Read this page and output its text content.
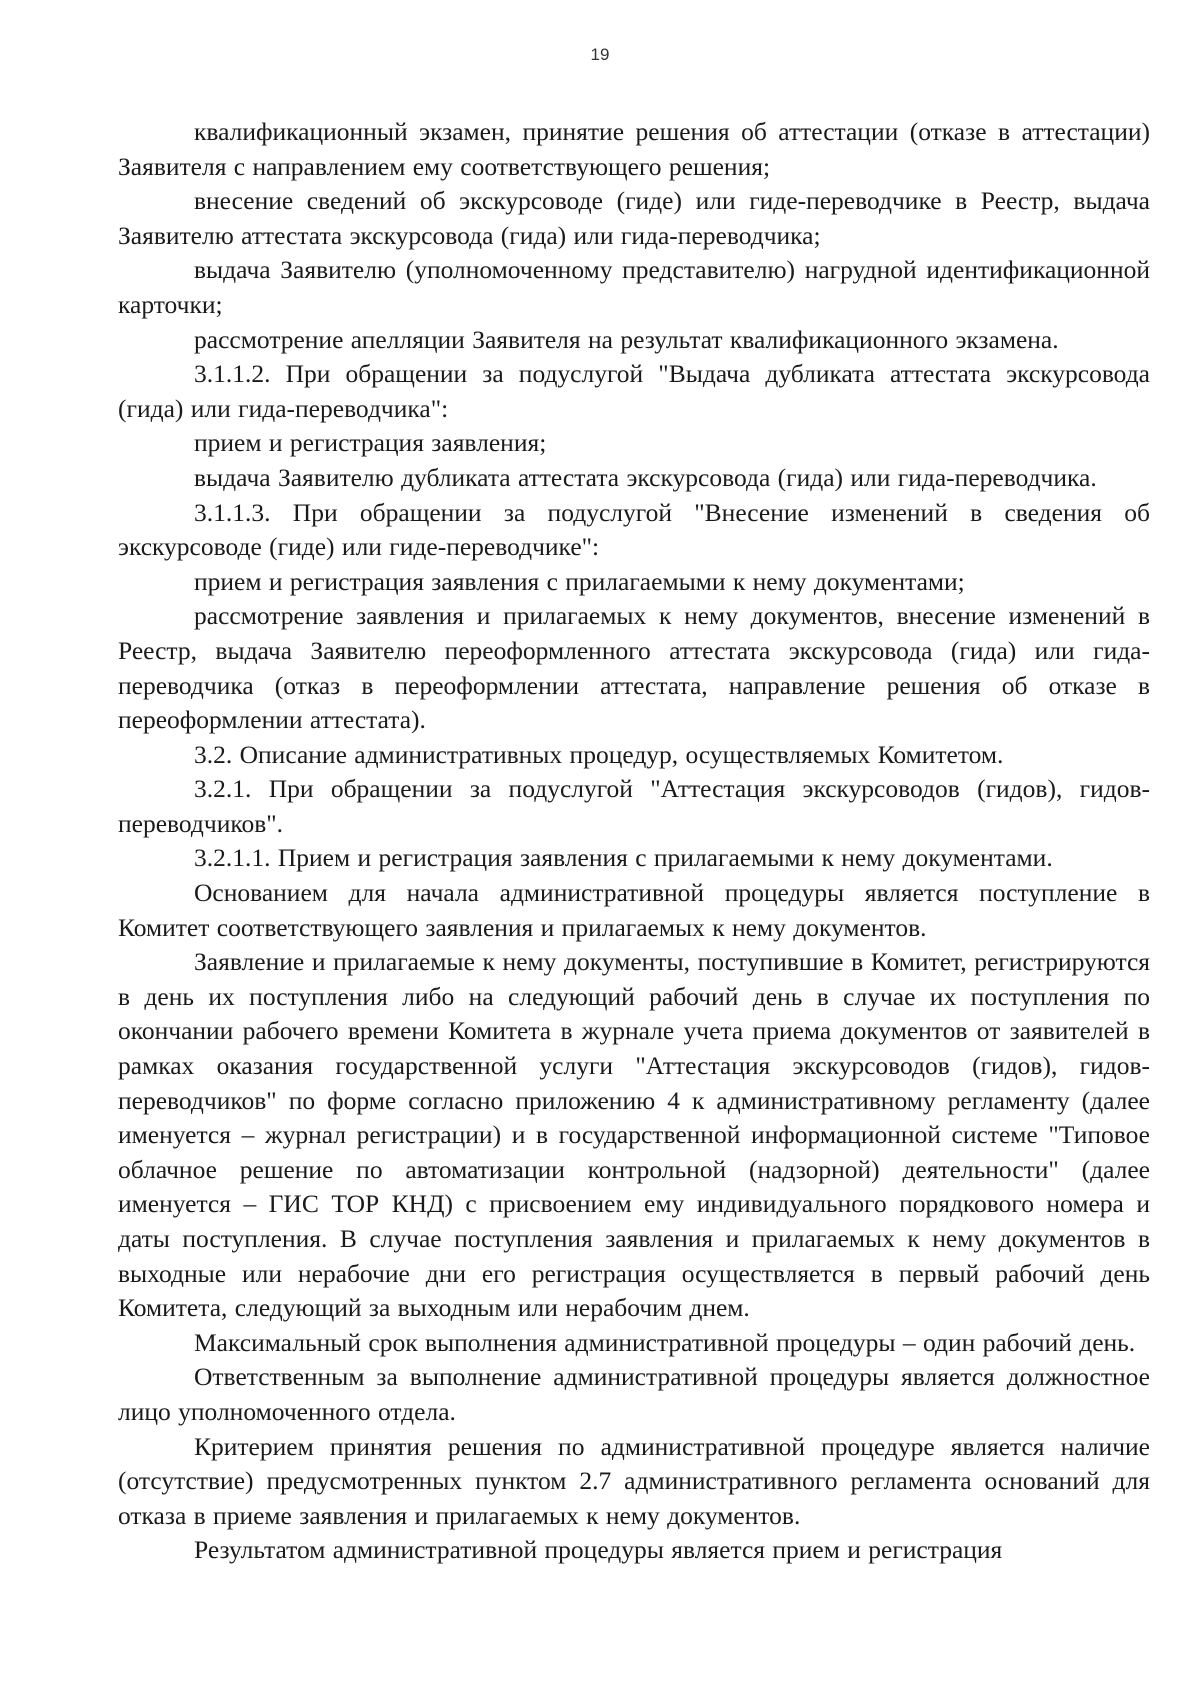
19

квалификационный экзамен, принятие решения об аттестации (отказе в аттестации) Заявителя с направлением ему соответствующего решения;

внесение сведений об экскурсоводе (гиде) или гиде-переводчике в Реестр, выдача Заявителю аттестата экскурсовода (гида) или гида-переводчика;

выдача Заявителю (уполномоченному представителю) нагрудной идентификационной карточки;

рассмотрение апелляции Заявителя на результат квалификационного экзамена.

3.1.1.2. При обращении за подуслугой "Выдача дубликата аттестата экскурсовода (гида) или гида-переводчика":

прием и регистрация заявления;

выдача Заявителю дубликата аттестата экскурсовода (гида) или гида-переводчика.

3.1.1.3. При обращении за подуслугой "Внесение изменений в сведения об экскурсоводе (гиде) или гиде-переводчике":

прием и регистрация заявления с прилагаемыми к нему документами;

рассмотрение заявления и прилагаемых к нему документов, внесение изменений в Реестр, выдача Заявителю переоформленного аттестата экскурсовода (гида) или гида-переводчика (отказ в переоформлении аттестата, направление решения об отказе в переоформлении аттестата).

3.2. Описание административных процедур, осуществляемых Комитетом.

3.2.1. При обращении за подуслугой "Аттестация экскурсоводов (гидов), гидов-переводчиков".

3.2.1.1. Прием и регистрация заявления с прилагаемыми к нему документами.

Основанием для начала административной процедуры является поступление в Комитет соответствующего заявления и прилагаемых к нему документов.

Заявление и прилагаемые к нему документы, поступившие в Комитет, регистрируются в день их поступления либо на следующий рабочий день в случае их поступления по окончании рабочего времени Комитета в журнале учета приема документов от заявителей в рамках оказания государственной услуги "Аттестация экскурсоводов (гидов), гидов-переводчиков" по форме согласно приложению 4 к административному регламенту (далее именуется – журнал регистрации) и в государственной информационной системе "Типовое облачное решение по автоматизации контрольной (надзорной) деятельности" (далее именуется – ГИС ТОР КНД) с присвоением ему индивидуального порядкового номера и даты поступления. В случае поступления заявления и прилагаемых к нему документов в выходные или нерабочие дни его регистрация осуществляется в первый рабочий день Комитета, следующий за выходным или нерабочим днем.

Максимальный срок выполнения административной процедуры – один рабочий день.

Ответственным за выполнение административной процедуры является должностное лицо уполномоченного отдела.

Критерием принятия решения по административной процедуре является наличие (отсутствие) предусмотренных пунктом 2.7 административного регламента оснований для отказа в приеме заявления и прилагаемых к нему документов.

Результатом административной процедуры является прием и регистрация
